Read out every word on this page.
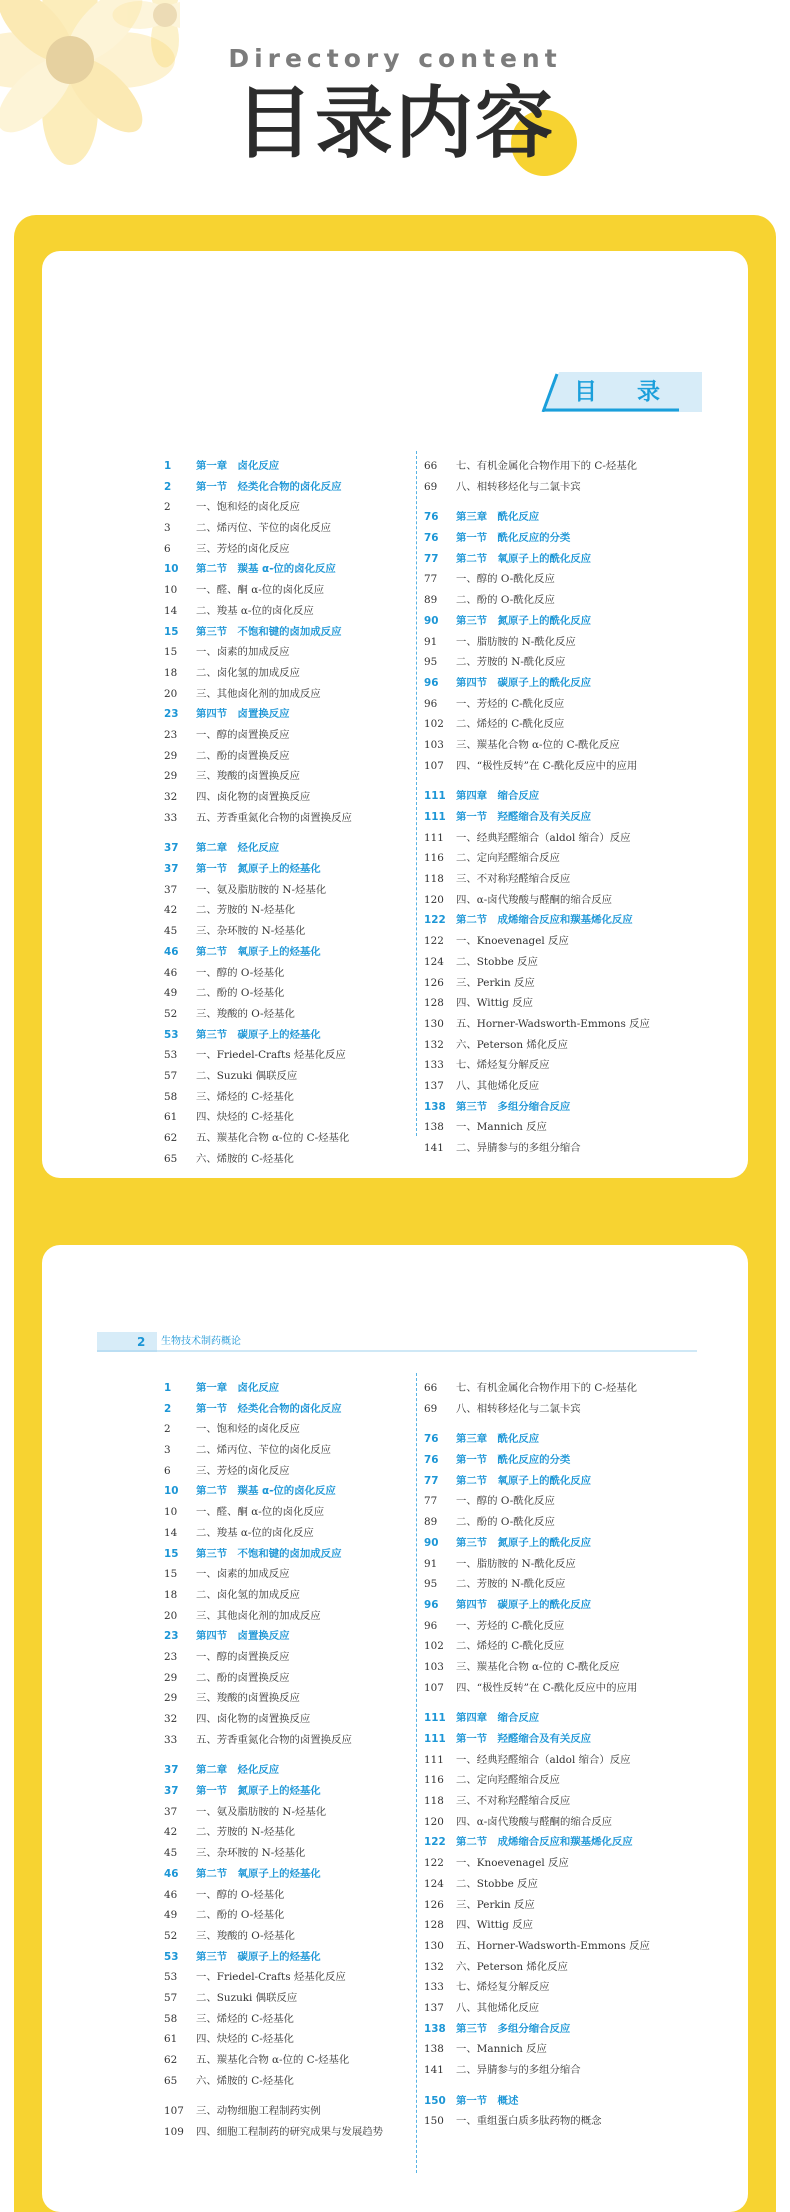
Directory content
目录内容
目 录
1 第一章　卤化反应
2 第一节　烃类化合物的卤化反应
2 一、饱和烃的卤化反应
3 二、烯丙位、苄位的卤化反应
6 三、芳烃的卤化反应
10 第二节　羰基 α-位的卤化反应
10 一、醛、酮 α-位的卤化反应
14 二、羧基 α-位的卤化反应
15 第三节　不饱和键的卤加成反应
15 一、卤素的加成反应
18 二、卤化氢的加成反应
20 三、其他卤化剂的加成反应
23 第四节　卤置换反应
23 一、醇的卤置换反应
29 二、酚的卤置换反应
29 三、羧酸的卤置换反应
32 四、卤化物的卤置换反应
33 五、芳香重氮化合物的卤置换反应
37 第二章　烃化反应
37 第一节　氮原子上的烃基化
37 一、氨及脂肪胺的 N-烃基化
42 二、芳胺的 N-烃基化
45 三、杂环胺的 N-烃基化
46 第二节　氧原子上的烃基化
46 一、醇的 O-烃基化
49 二、酚的 O-烃基化
52 三、羧酸的 O-烃基化
53 第三节　碳原子上的烃基化
53 一、Friedel-Crafts 烃基化反应
57 二、Suzuki 偶联反应
58 三、烯烃的 C-烃基化
61 四、炔烃的 C-烃基化
62 五、羰基化合物 α-位的 C-烃基化
65 六、烯胺的 C-烃基化
66 七、有机金属化合物作用下的 C-烃基化
69 八、相转移烃化与二氯卡宾
76 第三章　酰化反应
76 第一节　酰化反应的分类
77 第二节　氧原子上的酰化反应
77 一、醇的 O-酰化反应
89 二、酚的 O-酰化反应
90 第三节　氮原子上的酰化反应
91 一、脂肪胺的 N-酰化反应
95 二、芳胺的 N-酰化反应
96 第四节　碳原子上的酰化反应
96 一、芳烃的 C-酰化反应
102 二、烯烃的 C-酰化反应
103 三、羰基化合物 α-位的 C-酰化反应
107 四、“极性反转”在 C-酰化反应中的应用
111 第四章　缩合反应
111 第一节　羟醛缩合及有关反应
111 一、经典羟醛缩合（aldol 缩合）反应
116 二、定向羟醛缩合反应
118 三、不对称羟醛缩合反应
120 四、α-卤代羧酸与醛酮的缩合反应
122 第二节　成烯缩合反应和羰基烯化反应
122 一、Knoevenagel 反应
124 二、Stobbe 反应
126 三、Perkin 反应
128 四、Wittig 反应
130 五、Horner-Wadsworth-Emmons 反应
132 六、Peterson 烯化反应
133 七、烯烃复分解反应
137 八、其他烯化反应
138 第三节　多组分缩合反应
138 一、Mannich 反应
141 二、异腈参与的多组分缩合
2 生物技术制药概论
1 第一章　卤化反应
2 第一节　烃类化合物的卤化反应
2 一、饱和烃的卤化反应
3 二、烯丙位、苄位的卤化反应
6 三、芳烃的卤化反应
10 第二节　羰基 α-位的卤化反应
10 一、醛、酮 α-位的卤化反应
14 二、羧基 α-位的卤化反应
15 第三节　不饱和键的卤加成反应
15 一、卤素的加成反应
18 二、卤化氢的加成反应
20 三、其他卤化剂的加成反应
23 第四节　卤置换反应
23 一、醇的卤置换反应
29 二、酚的卤置换反应
29 三、羧酸的卤置换反应
32 四、卤化物的卤置换反应
33 五、芳香重氮化合物的卤置换反应
37 第二章　烃化反应
37 第一节　氮原子上的烃基化
37 一、氨及脂肪胺的 N-烃基化
42 二、芳胺的 N-烃基化
45 三、杂环胺的 N-烃基化
46 第二节　氧原子上的烃基化
46 一、醇的 O-烃基化
49 二、酚的 O-烃基化
52 三、羧酸的 O-烃基化
53 第三节　碳原子上的烃基化
53 一、Friedel-Crafts 烃基化反应
57 二、Suzuki 偶联反应
58 三、烯烃的 C-烃基化
61 四、炔烃的 C-烃基化
62 五、羰基化合物 α-位的 C-烃基化
65 六、烯胺的 C-烃基化
107 三、动物细胞工程制药实例
109 四、细胞工程制药的研究成果与发展趋势
66 七、有机金属化合物作用下的 C-烃基化
69 八、相转移烃化与二氯卡宾
76 第三章　酰化反应
76 第一节　酰化反应的分类
77 第二节　氧原子上的酰化反应
77 一、醇的 O-酰化反应
89 二、酚的 O-酰化反应
90 第三节　氮原子上的酰化反应
91 一、脂肪胺的 N-酰化反应
95 二、芳胺的 N-酰化反应
96 第四节　碳原子上的酰化反应
96 一、芳烃的 C-酰化反应
102 二、烯烃的 C-酰化反应
103 三、羰基化合物 α-位的 C-酰化反应
107 四、“极性反转”在 C-酰化反应中的应用
111 第四章　缩合反应
111 第一节　羟醛缩合及有关反应
111 一、经典羟醛缩合（aldol 缩合）反应
116 二、定向羟醛缩合反应
118 三、不对称羟醛缩合反应
120 四、α-卤代羧酸与醛酮的缩合反应
122 第二节　成烯缩合反应和羰基烯化反应
122 一、Knoevenagel 反应
124 二、Stobbe 反应
126 三、Perkin 反应
128 四、Wittig 反应
130 五、Horner-Wadsworth-Emmons 反应
132 六、Peterson 烯化反应
133 七、烯烃复分解反应
137 八、其他烯化反应
138 第三节　多组分缩合反应
138 一、Mannich 反应
141 二、异腈参与的多组分缩合
150 第一节　概述
150 一、重组蛋白质多肽药物的概念
